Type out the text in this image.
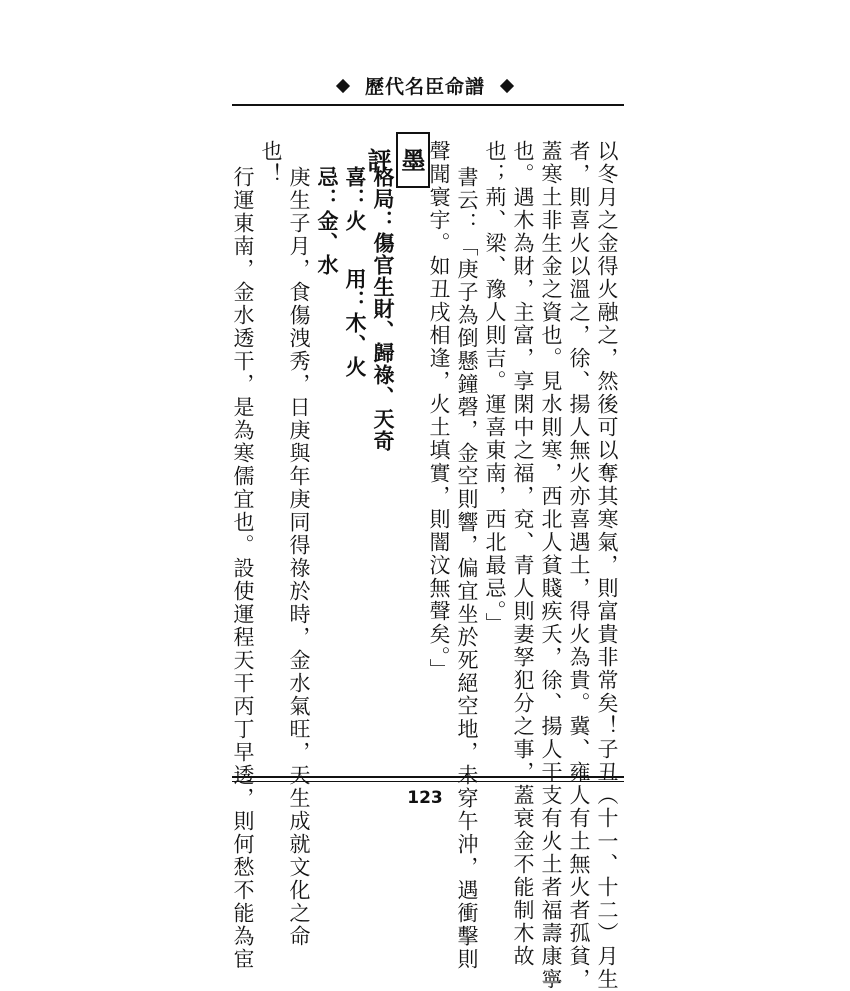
歷代名臣命譜
以冬月之金得火融之，然後可以奪其寒氣，則富貴非常矣！子丑（十一、十二）月生
者，則喜火以溫之，徐、揚人無火亦喜遇土，得火為貴。冀、雍人有土無火者孤貧，
蓋寒土非生金之資也。見水則寒，西北人貧賤疾夭，徐、揚人干支有火土者福壽康寧
也。遇木為財，主富，享閑中之福，兗、青人則妻孥犯分之事，蓋衰金不能制木故
也；荊、梁、豫人則吉。運喜東南，西北最忌。」
書云：「庚子為倒懸鐘磬，金空則響，偏宜坐於死絕空地，未穿午沖，遇衝擊則
聲聞寰宇。如丑戌相逢，火土填實，則闇汶無聲矣。」
墨評
格局：傷官生財、歸祿、天奇
喜：火
用：木、火
忌：金、水
庚生子月，食傷洩秀，日庚與年庚同得祿於時，金水氣旺，天生成就文化之命
也！
行運東南，金水透干，是為寒儒宜也。設使運程天干丙丁早透，則何愁不能為宦	123
